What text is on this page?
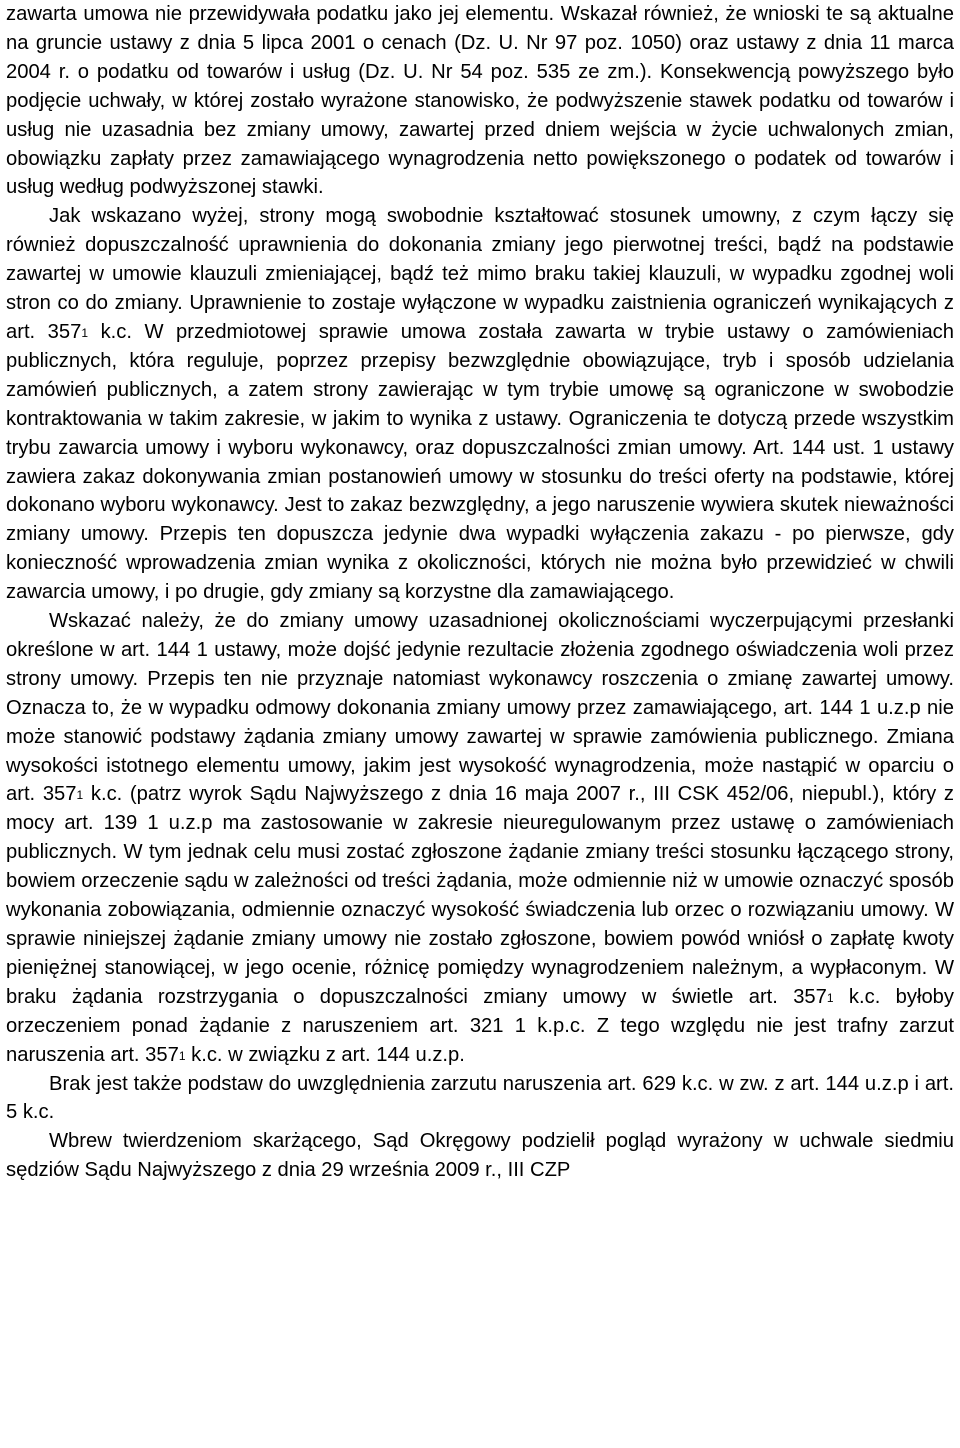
zawarta umowa nie przewidywała podatku jako jej elementu. Wskazał również, że wnioski te są aktualne na gruncie ustawy z dnia 5 lipca 2001 o cenach (Dz. U. Nr 97 poz. 1050) oraz ustawy z dnia 11 marca 2004 r. o podatku od towarów i usług (Dz. U. Nr 54 poz. 535 ze zm.). Konsekwencją powyższego było podjęcie uchwały, w której zostało wyrażone stanowisko, że podwyższenie stawek podatku od towarów i usług nie uzasadnia bez zmiany umowy, zawartej przed dniem wejścia w życie uchwalonych zmian, obowiązku zapłaty przez zamawiającego wynagrodzenia netto powiększonego o podatek od towarów i usług według podwyższonej stawki.

Jak wskazano wyżej, strony mogą swobodnie kształtować stosunek umowny, z czym łączy się również dopuszczalność uprawnienia do dokonania zmiany jego pierwotnej treści, bądź na podstawie zawartej w umowie klauzuli zmieniającej, bądź też mimo braku takiej klauzuli, w wypadku zgodnej woli stron co do zmiany. Uprawnienie to zostaje wyłączone w wypadku zaistnienia ograniczeń wynikających z art. 3571 k.c. W przedmiotowej sprawie umowa została zawarta w trybie ustawy o zamówieniach publicznych, która reguluje, poprzez przepisy bezwzględnie obowiązujące, tryb i sposób udzielania zamówień publicznych, a zatem strony zawierając w tym trybie umowę są ograniczone w swobodzie kontraktowania w takim zakresie, w jakim to wynika z ustawy. Ograniczenia te dotyczą przede wszystkim trybu zawarcia umowy i wyboru wykonawcy, oraz dopuszczalności zmian umowy. Art. 144 ust. 1 ustawy zawiera zakaz dokonywania zmian postanowień umowy w stosunku do treści oferty na podstawie, której dokonano wyboru wykonawcy. Jest to zakaz bezwzględny, a jego naruszenie wywiera skutek nieważności zmiany umowy. Przepis ten dopuszcza jedynie dwa wypadki wyłączenia zakazu - po pierwsze, gdy konieczność wprowadzenia zmian wynika z okoliczności, których nie można było przewidzieć w chwili zawarcia umowy, i po drugie, gdy zmiany są korzystne dla zamawiającego.

Wskazać należy, że do zmiany umowy uzasadnionej okolicznościami wyczerpującymi przesłanki określone w art. 144 1 ustawy, może dojść jedynie rezultacie złożenia zgodnego oświadczenia woli przez strony umowy. Przepis ten nie przyznaje natomiast wykonawcy roszczenia o zmianę zawartej umowy. Oznacza to, że w wypadku odmowy dokonania zmiany umowy przez zamawiającego, art. 144 1 u.z.p nie może stanowić podstawy żądania zmiany umowy zawartej w sprawie zamówienia publicznego. Zmiana wysokości istotnego elementu umowy, jakim jest wysokość wynagrodzenia, może nastąpić w oparciu o art. 3571 k.c. (patrz wyrok Sądu Najwyższego z dnia 16 maja 2007 r., III CSK 452/06, niepubl.), który z mocy art. 139 1 u.z.p ma zastosowanie w zakresie nieuregulowanym przez ustawę o zamówieniach publicznych. W tym jednak celu musi zostać zgłoszone żądanie zmiany treści stosunku łączącego strony, bowiem orzeczenie sądu w zależności od treści żądania, może odmiennie niż w umowie oznaczyć sposób wykonania zobowiązania, odmiennie oznaczyć wysokość świadczenia lub orzec o rozwiązaniu umowy. W sprawie niniejszej żądanie zmiany umowy nie zostało zgłoszone, bowiem powód wniósł o zapłatę kwoty pieniężnej stanowiącej, w jego ocenie, różnicę pomiędzy wynagrodzeniem należnym, a wypłaconym. W braku żądania rozstrzygania o dopuszczalności zmiany umowy w świetle art. 3571 k.c. byłoby orzeczeniem ponad żądanie z naruszeniem art. 321 1 k.p.c. Z tego względu nie jest trafny zarzut naruszenia art. 3571 k.c. w związku z art. 144 u.z.p.

Brak jest także podstaw do uwzględnienia zarzutu naruszenia art. 629 k.c. w zw. z art. 144 u.z.p i art. 5 k.c.

Wbrew twierdzeniom skarżącego, Sąd Okręgowy podzielił pogląd wyrażony w uchwale siedmiu sędziów Sądu Najwyższego z dnia 29 września 2009 r., III CZP
